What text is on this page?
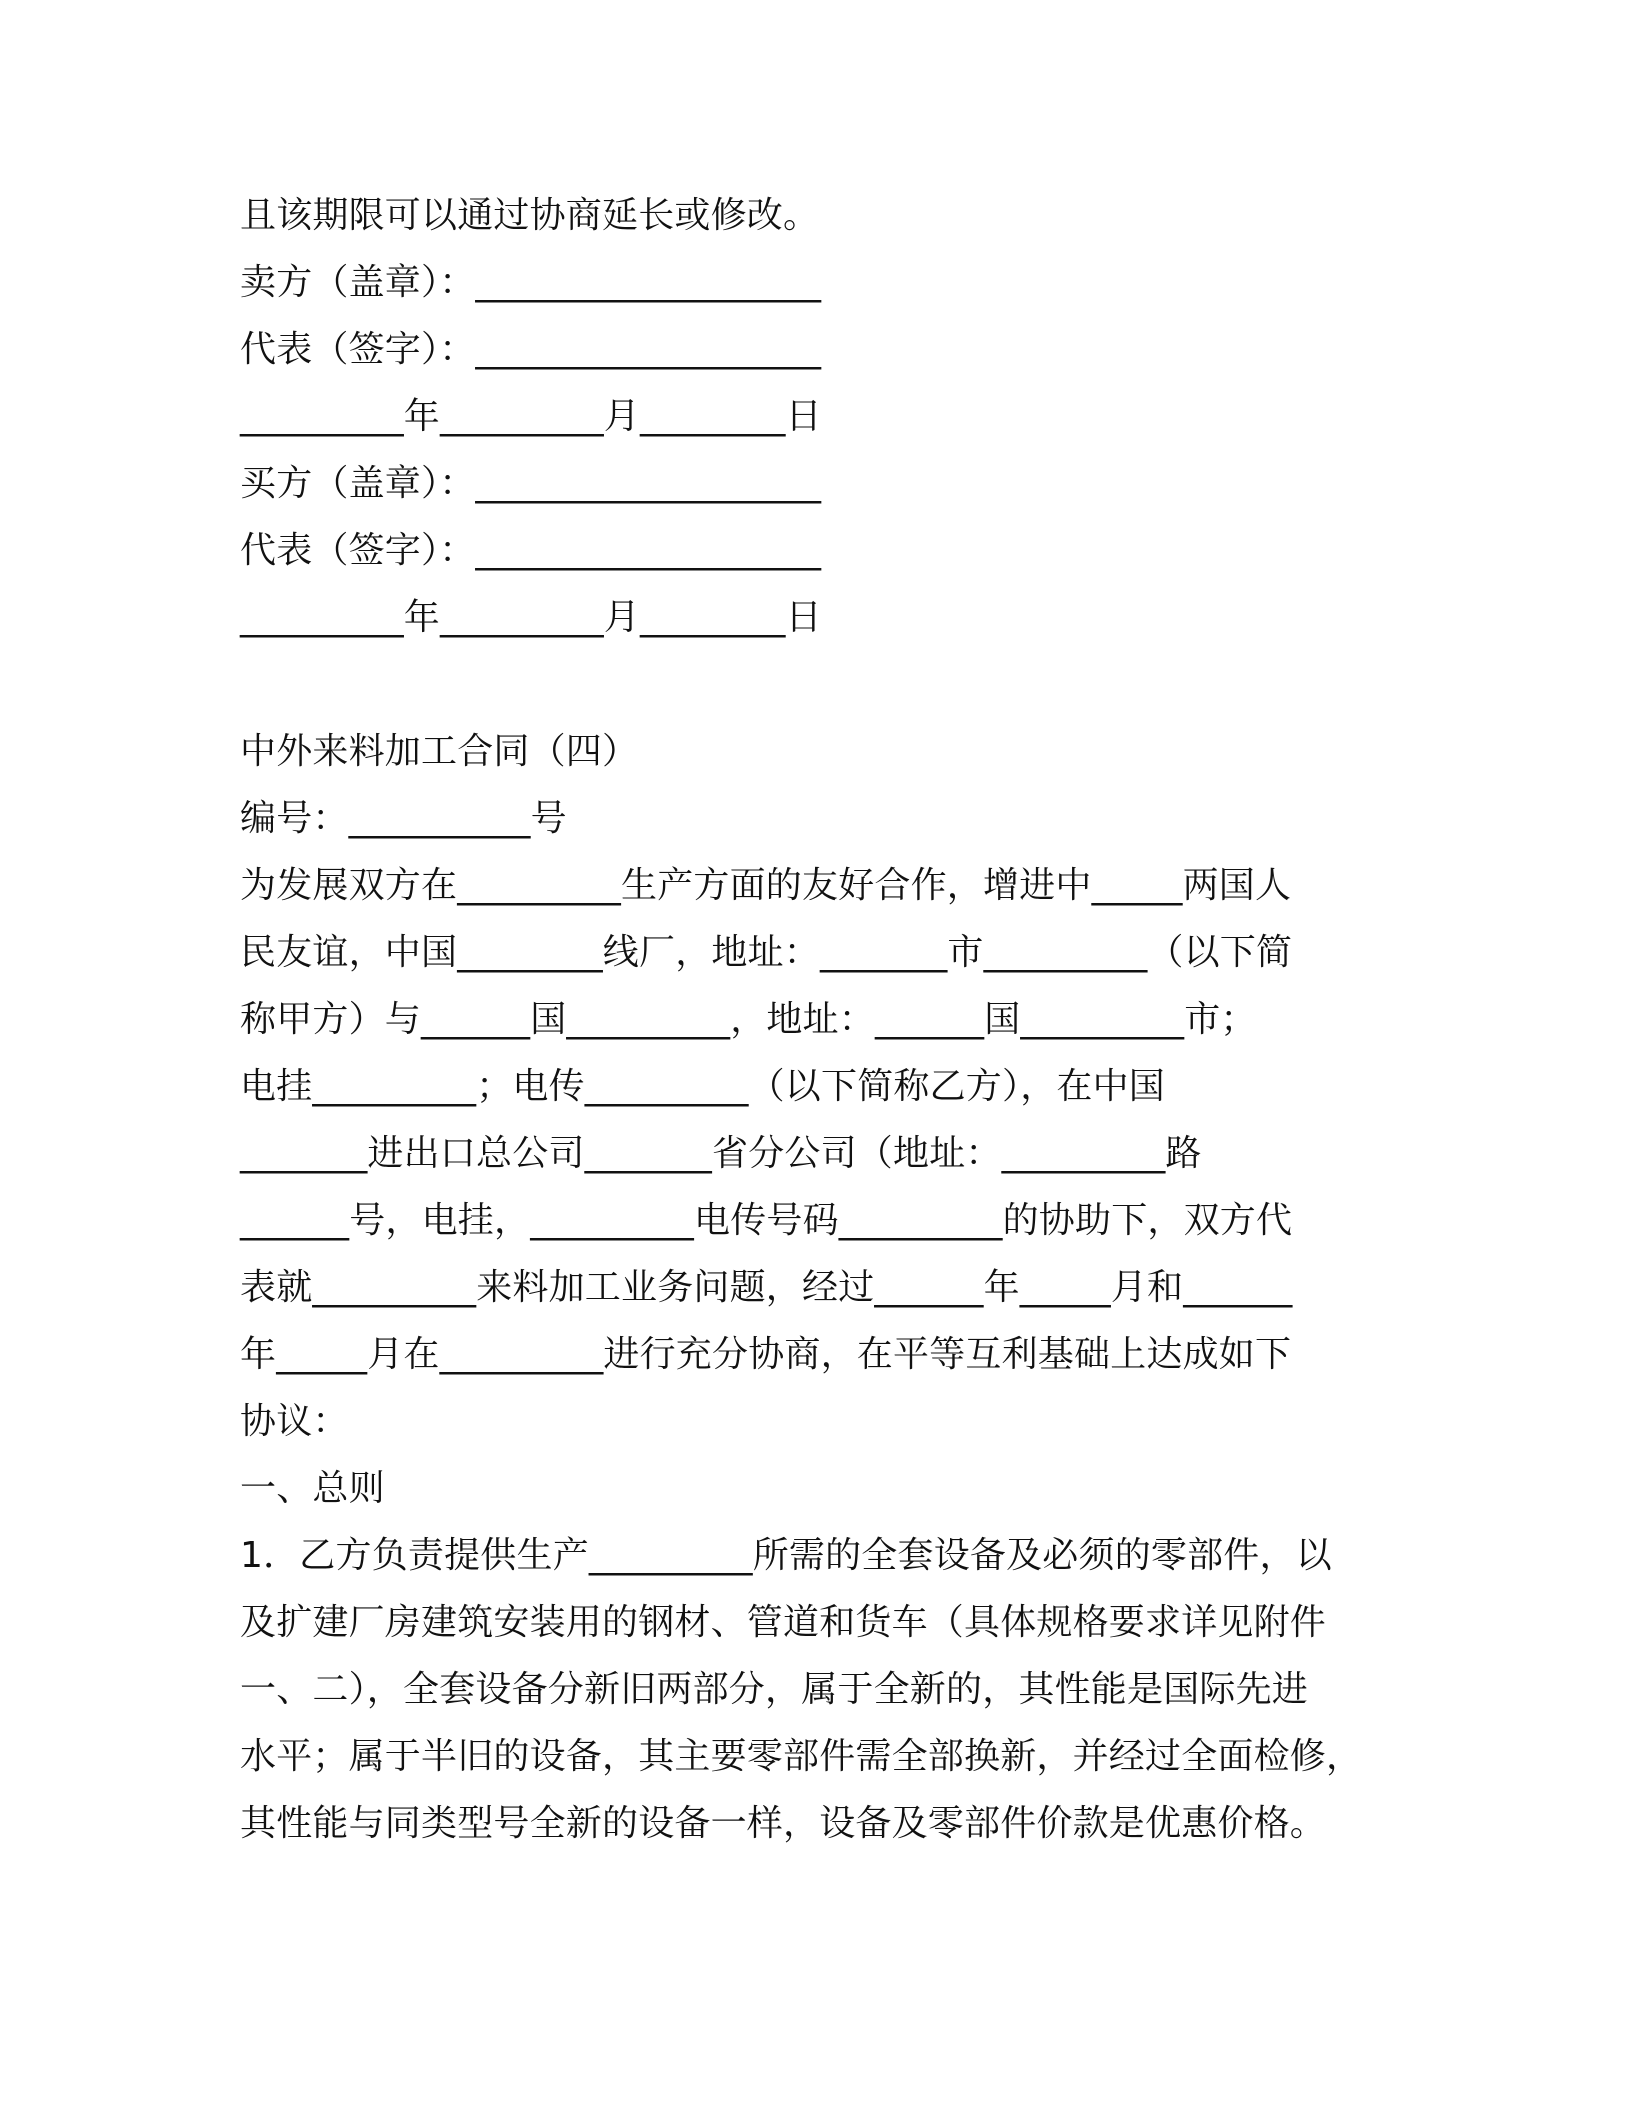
且该期限可以通过协商延长或修改。
卖方（盖章）：___________________
代表（签字）：___________________
_________年_________月________日
买方（盖章）：___________________
代表（签字）：___________________
_________年_________月________日
中外来料加工合同（四）
编号：__________号
为发展双方在_________生产方面的友好合作，增进中_____两国人
民友谊，中国________线厂，地址：_______市_________（以下简
称甲方）与______国_________，地址：______国_________市；
电挂_________；电传_________（以下简称乙方），在中国
_______进出口总公司_______省分公司（地址：_________路
______号，电挂，_________电传号码_________的协助下，双方代
表就_________来料加工业务问题，经过______年_____月和______
年_____月在_________进行充分协商，在平等互利基础上达成如下
协议：
一、总则
1．乙方负责提供生产_________所需的全套设备及必须的零部件，以
及扩建厂房建筑安装用的钢材、管道和货车（具体规格要求详见附件
一、二），全套设备分新旧两部分，属于全新的，其性能是国际先进
水平；属于半旧的设备，其主要零部件需全部换新，并经过全面检修，
其性能与同类型号全新的设备一样，设备及零部件价款是优惠价格。
